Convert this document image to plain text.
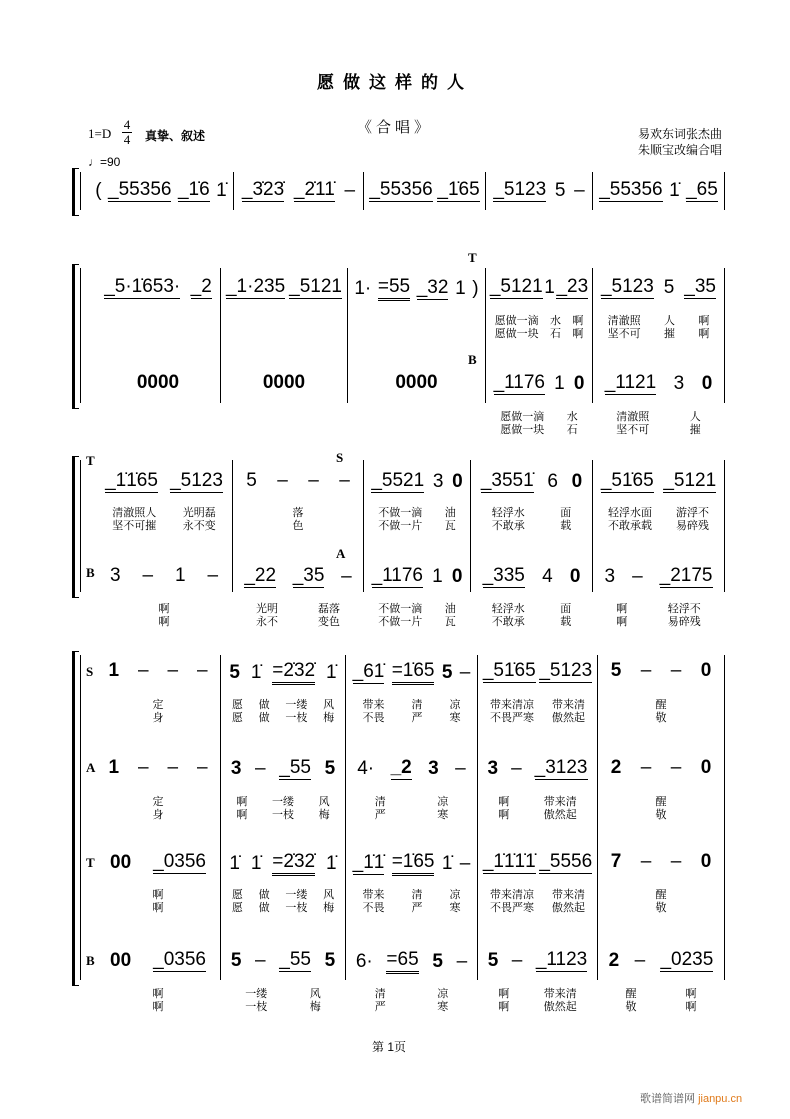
愿做这样的人
《合唱》
1=D
4
4 真挚、叙述	易欢东词张杰曲
朱顺宝改编合唱
♩=90
( _55356 _1̇6 1̇ _3̇23̇ _2̇11̇ – _55356 _1̇65 _5123 5 – _55356 1̇ _65
T
B
_5·1̇653· _2 _1·235 _5121 1· =55 _32 1 ) _5121 1 _23
愿做一滴 水 啊
愿做一块 石 啊
_5123 5 _35
清澈照 人 啊
坚不可 摧 啊
0000	0000	0000	_1176 1 0
愿做一滴 水
愿做一块 石
_1121 3 0
清澈照	人
坚不可	摧
T
B
S
A
_1̇1̇65 _5123
清澈照人 光明磊
坚不可摧 永不变
5 – – –
落
色
_5521 3 0
不做一滴 油
不做一片 瓦
_3551̇ 6 0
轻浮水	面
不敢承	载
_51̇65 _5121
轻浮水面 游浮不
不敢承载 易碎残
3 – 1 –
啊
啊
_22 _35 –
光明	磊落
永不	变色
_1176 1 0
不做一滴 油
不做一片 瓦
_335 4 0
轻浮水	面
不敢承	载
3 – _2175
啊	轻浮不
啊	易碎残
S
A
T
B
1 – – –
定
身
5 1̇ =2̇32̇ 1̇
愿 做 一缕 风
愿 做 一枝 梅
_61̇ =1̇65 5 –
带来 清 凉
不畏 严 寒
_51̇65 _5123
带来清凉 带来清
不畏严寒 傲然起
5 – – 0
醒
敬
1 – – –
定
身
3 – _55 5
啊 一缕 风
啊 一枝 梅
4· _2 3 –
清	凉
严	寒
3 – _3123
啊	带来清
啊	傲然起
2 – – 0
醒
敬
00 _0356
啊
啊
1̇ 1̇ =2̇32̇ 1̇
愿 做 一缕 风
愿 做 一枝 梅
_1̇1̇ =1̇65 1̇ –
带来 清 凉
不畏 严 寒
_1̇1̇1̇1̇ _5556
带来清凉 带来清
不畏严寒 傲然起
7 – – 0
醒
敬
00 _0356
啊
啊
5 – _55 5
一缕	风
一枝	梅
6· =65 5 –
清	凉
严	寒
5 – _1123
啊	带来清
啊	傲然起
2 – _0235
醒	啊
敬	啊
第 1页
歌谱简谱网 jianpu.cn
